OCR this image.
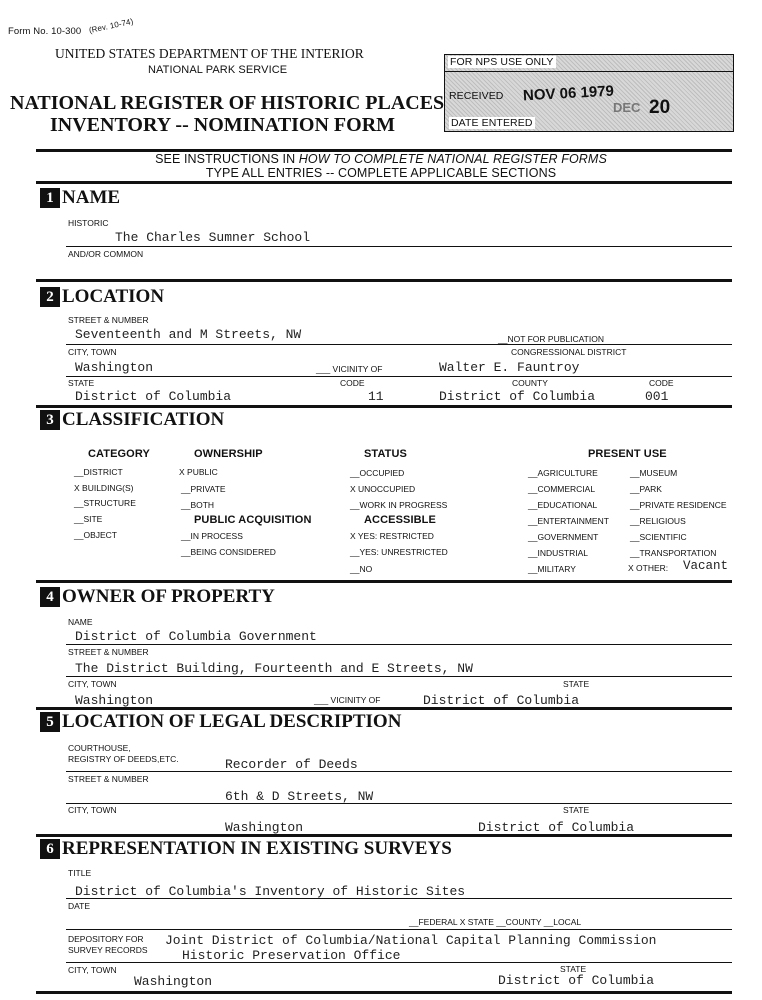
Form No. 10-300 (Rev. 10-74)
UNITED STATES DEPARTMENT OF THE INTERIOR
NATIONAL PARK SERVICE
NATIONAL REGISTER OF HISTORIC PLACES
INVENTORY -- NOMINATION FORM
FOR NPS USE ONLY
RECEIVED NOV 06 1979
DEC 20
DATE ENTERED
SEE INSTRUCTIONS IN HOW TO COMPLETE NATIONAL REGISTER FORMS
TYPE ALL ENTRIES -- COMPLETE APPLICABLE SECTIONS
1 NAME
HISTORIC
The Charles Sumner School
AND/OR COMMON
2 LOCATION
STREET & NUMBER
Seventeenth and M Streets, NW	__NOT FOR PUBLICATION
CITY, TOWN	CONGRESSIONAL DISTRICT
Washington	___ VICINITY OF	Walter E. Fauntroy
STATE	CODE	COUNTY	CODE
District of Columbia	11	District of Columbia	001
3 CLASSIFICATION
CATEGORY
__DISTRICT
X BUILDING(S)
__STRUCTURE
__SITE
__OBJECT
OWNERSHIP
X PUBLIC
__PRIVATE
__BOTH
PUBLIC ACQUISITION
__IN PROCESS
__BEING CONSIDERED
STATUS
__OCCUPIED
X UNOCCUPIED
__WORK IN PROGRESS
ACCESSIBLE
X YES: RESTRICTED
__YES: UNRESTRICTED
__NO
PRESENT USE
__AGRICULTURE
__COMMERCIAL
__EDUCATIONAL
__ENTERTAINMENT
__GOVERNMENT
__INDUSTRIAL
__MILITARY
__MUSEUM
__PARK
__PRIVATE RESIDENCE
__RELIGIOUS
__SCIENTIFIC
__TRANSPORTATION
X OTHER: Vacant
4 OWNER OF PROPERTY
NAME
District of Columbia Government
STREET & NUMBER
The District Building, Fourteenth and E Streets, NW
CITY, TOWN	STATE
Washington	___ VICINITY OF	District of Columbia
5 LOCATION OF LEGAL DESCRIPTION
COURTHOUSE,
REGISTRY OF DEEDS,ETC.	Recorder of Deeds
STREET & NUMBER
6th & D Streets, NW
CITY, TOWN	STATE
Washington	District of Columbia
6 REPRESENTATION IN EXISTING SURVEYS
TITLE
District of Columbia's Inventory of Historic Sites
DATE
__FEDERAL X STATE __COUNTY __LOCAL
DEPOSITORY FOR
SURVEY RECORDS
Joint District of Columbia/National Capital Planning Commission
Historic Preservation Office
CITY, TOWN	STATE
Washington	District of Columbia
